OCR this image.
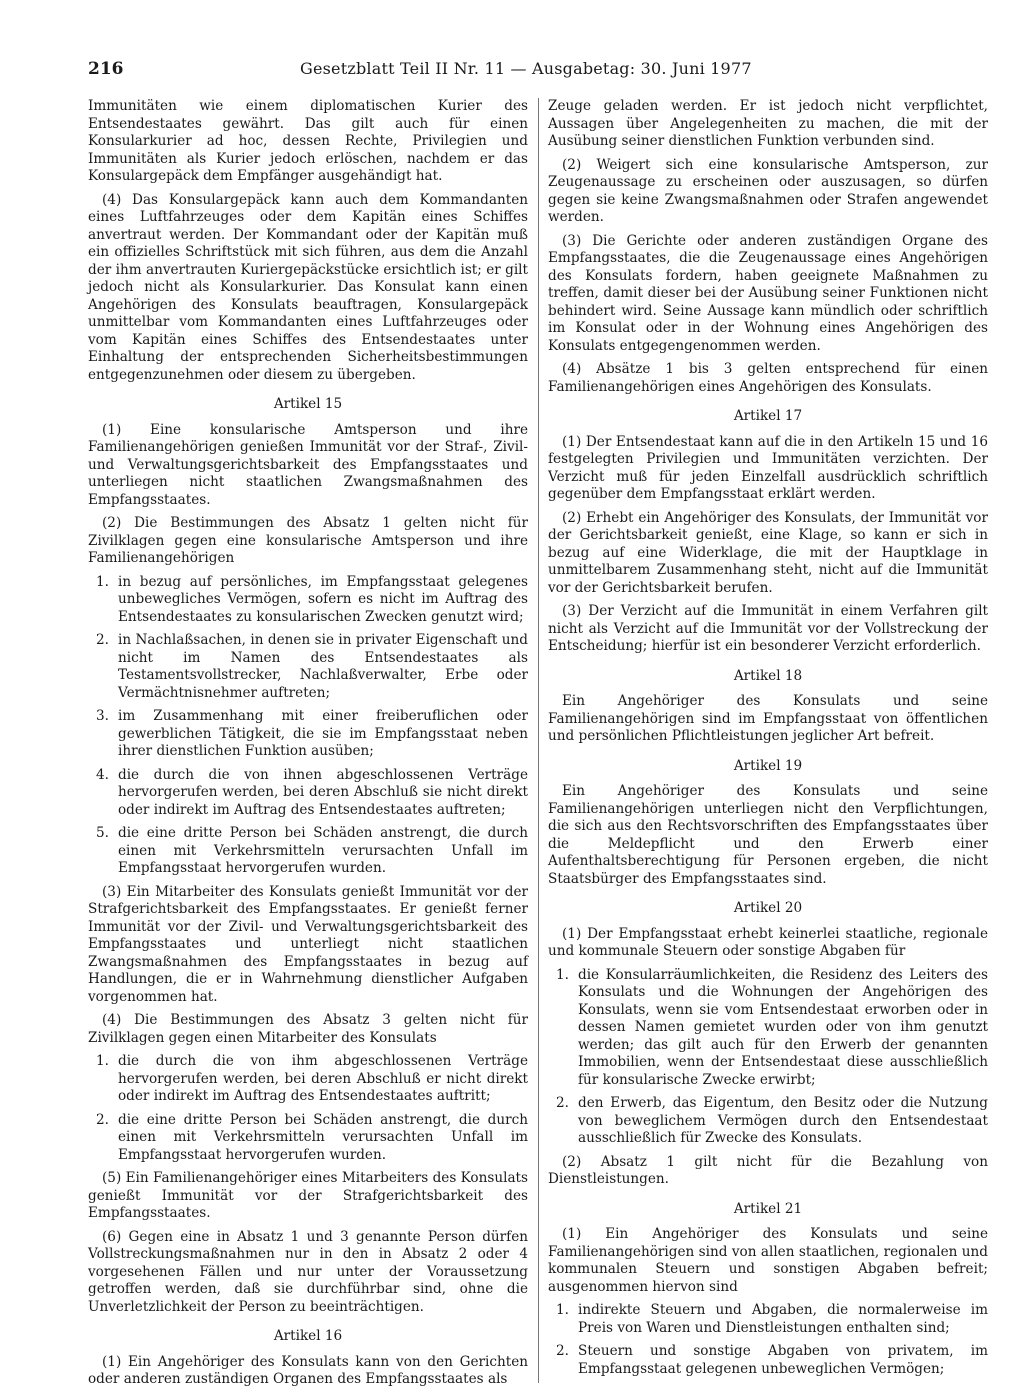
216	Gesetzblatt Teil II Nr. 11 — Ausgabetag: 30. Juni 1977

Immunitäten wie einem diplomatischen Kurier des Entsendestaates gewährt. Das gilt auch für einen Konsularkurier ad hoc, dessen Rechte, Privilegien und Immunitäten als Kurier jedoch erlöschen, nachdem er das Konsulargepäck dem Empfänger ausgehändigt hat.

(4) Das Konsulargepäck kann auch dem Kommandanten eines Luftfahrzeuges oder dem Kapitän eines Schiffes anvertraut werden. Der Kommandant oder der Kapitän muß ein offizielles Schriftstück mit sich führen, aus dem die Anzahl der ihm anvertrauten Kuriergepäckstücke ersichtlich ist; er gilt jedoch nicht als Konsularkurier. Das Konsulat kann einen Angehörigen des Konsulats beauftragen, Konsulargepäck unmittelbar vom Kommandanten eines Luftfahrzeuges oder vom Kapitän eines Schiffes des Entsendestaates unter Einhaltung der entsprechenden Sicherheitsbestimmungen entgegenzunehmen oder diesem zu übergeben.

Artikel 15

(1) Eine konsularische Amtsperson und ihre Familienangehörigen genießen Immunität vor der Straf-, Zivil- und Verwaltungsgerichtsbarkeit des Empfangsstaates und unterliegen nicht staatlichen Zwangsmaßnahmen des Empfangsstaates.

(2) Die Bestimmungen des Absatz 1 gelten nicht für Zivilklagen gegen eine konsularische Amtsperson und ihre Familienangehörigen

1. in bezug auf persönliches, im Empfangsstaat gelegenes unbewegliches Vermögen, sofern es nicht im Auftrag des Entsendestaates zu konsularischen Zwecken genutzt wird;
2. in Nachlaßsachen, in denen sie in privater Eigenschaft und nicht im Namen des Entsendestaates als Testamentsvollstrecker, Nachlaßverwalter, Erbe oder Vermächtnisnehmer auftreten;
3. im Zusammenhang mit einer freiberuflichen oder gewerblichen Tätigkeit, die sie im Empfangsstaat neben ihrer dienstlichen Funktion ausüben;
4. die durch die von ihnen abgeschlossenen Verträge hervorgerufen werden, bei deren Abschluß sie nicht direkt oder indirekt im Auftrag des Entsendestaates auftreten;
5. die eine dritte Person bei Schäden anstrengt, die durch einen mit Verkehrsmitteln verursachten Unfall im Empfangsstaat hervorgerufen wurden.

(3) Ein Mitarbeiter des Konsulats genießt Immunität vor der Strafgerichtsbarkeit des Empfangsstaates. Er genießt ferner Immunität vor der Zivil- und Verwaltungsgerichtsbarkeit des Empfangsstaates und unterliegt nicht staatlichen Zwangsmaßnahmen des Empfangsstaates in bezug auf Handlungen, die er in Wahrnehmung dienstlicher Aufgaben vorgenommen hat.

(4) Die Bestimmungen des Absatz 3 gelten nicht für Zivilklagen gegen einen Mitarbeiter des Konsulats

1. die durch die von ihm abgeschlossenen Verträge hervorgerufen werden, bei deren Abschluß er nicht direkt oder indirekt im Auftrag des Entsendestaates auftritt;
2. die eine dritte Person bei Schäden anstrengt, die durch einen mit Verkehrsmitteln verursachten Unfall im Empfangsstaat hervorgerufen wurden.

(5) Ein Familienangehöriger eines Mitarbeiters des Konsulats genießt Immunität vor der Strafgerichtsbarkeit des Empfangsstaates.

(6) Gegen eine in Absatz 1 und 3 genannte Person dürfen Vollstreckungsmaßnahmen nur in den in Absatz 2 oder 4 vorgesehenen Fällen und nur unter der Voraussetzung getroffen werden, daß sie durchführbar sind, ohne die Unverletzlichkeit der Person zu beeinträchtigen.

Artikel 16

(1) Ein Angehöriger des Konsulats kann von den Gerichten oder anderen zuständigen Organen des Empfangsstaates als

Zeuge geladen werden. Er ist jedoch nicht verpflichtet, Aussagen über Angelegenheiten zu machen, die mit der Ausübung seiner dienstlichen Funktion verbunden sind.

(2) Weigert sich eine konsularische Amtsperson, zur Zeugenaussage zu erscheinen oder auszusagen, so dürfen gegen sie keine Zwangsmaßnahmen oder Strafen angewendet werden.

(3) Die Gerichte oder anderen zuständigen Organe des Empfangsstaates, die die Zeugenaussage eines Angehörigen des Konsulats fordern, haben geeignete Maßnahmen zu treffen, damit dieser bei der Ausübung seiner Funktionen nicht behindert wird. Seine Aussage kann mündlich oder schriftlich im Konsulat oder in der Wohnung eines Angehörigen des Konsulats entgegengenommen werden.

(4) Absätze 1 bis 3 gelten entsprechend für einen Familienangehörigen eines Angehörigen des Konsulats.

Artikel 17

(1) Der Entsendestaat kann auf die in den Artikeln 15 und 16 festgelegten Privilegien und Immunitäten verzichten. Der Verzicht muß für jeden Einzelfall ausdrücklich schriftlich gegenüber dem Empfangsstaat erklärt werden.

(2) Erhebt ein Angehöriger des Konsulats, der Immunität vor der Gerichtsbarkeit genießt, eine Klage, so kann er sich in bezug auf eine Widerklage, die mit der Hauptklage in unmittelbarem Zusammenhang steht, nicht auf die Immunität vor der Gerichtsbarkeit berufen.

(3) Der Verzicht auf die Immunität in einem Verfahren gilt nicht als Verzicht auf die Immunität vor der Vollstreckung der Entscheidung; hierfür ist ein besonderer Verzicht erforderlich.

Artikel 18

Ein Angehöriger des Konsulats und seine Familienangehörigen sind im Empfangsstaat von öffentlichen und persönlichen Pflichtleistungen jeglicher Art befreit.

Artikel 19

Ein Angehöriger des Konsulats und seine Familienangehörigen unterliegen nicht den Verpflichtungen, die sich aus den Rechtsvorschriften des Empfangsstaates über die Meldepflicht und den Erwerb einer Aufenthaltsberechtigung für Personen ergeben, die nicht Staatsbürger des Empfangsstaates sind.

Artikel 20

(1) Der Empfangsstaat erhebt keinerlei staatliche, regionale und kommunale Steuern oder sonstige Abgaben für

1. die Konsularräumlichkeiten, die Residenz des Leiters des Konsulats und die Wohnungen der Angehörigen des Konsulats, wenn sie vom Entsendestaat erworben oder in dessen Namen gemietet wurden oder von ihm genutzt werden; das gilt auch für den Erwerb der genannten Immobilien, wenn der Entsendestaat diese ausschließlich für konsularische Zwecke erwirbt;
2. den Erwerb, das Eigentum, den Besitz oder die Nutzung von beweglichem Vermögen durch den Entsendestaat ausschließlich für Zwecke des Konsulats.

(2) Absatz 1 gilt nicht für die Bezahlung von Dienstleistungen.

Artikel 21

(1) Ein Angehöriger des Konsulats und seine Familienangehörigen sind von allen staatlichen, regionalen und kommunalen Steuern und sonstigen Abgaben befreit; ausgenommen hiervon sind

1. indirekte Steuern und Abgaben, die normalerweise im Preis von Waren und Dienstleistungen enthalten sind;
2. Steuern und sonstige Abgaben von privatem, im Empfangsstaat gelegenen unbeweglichen Vermögen;
